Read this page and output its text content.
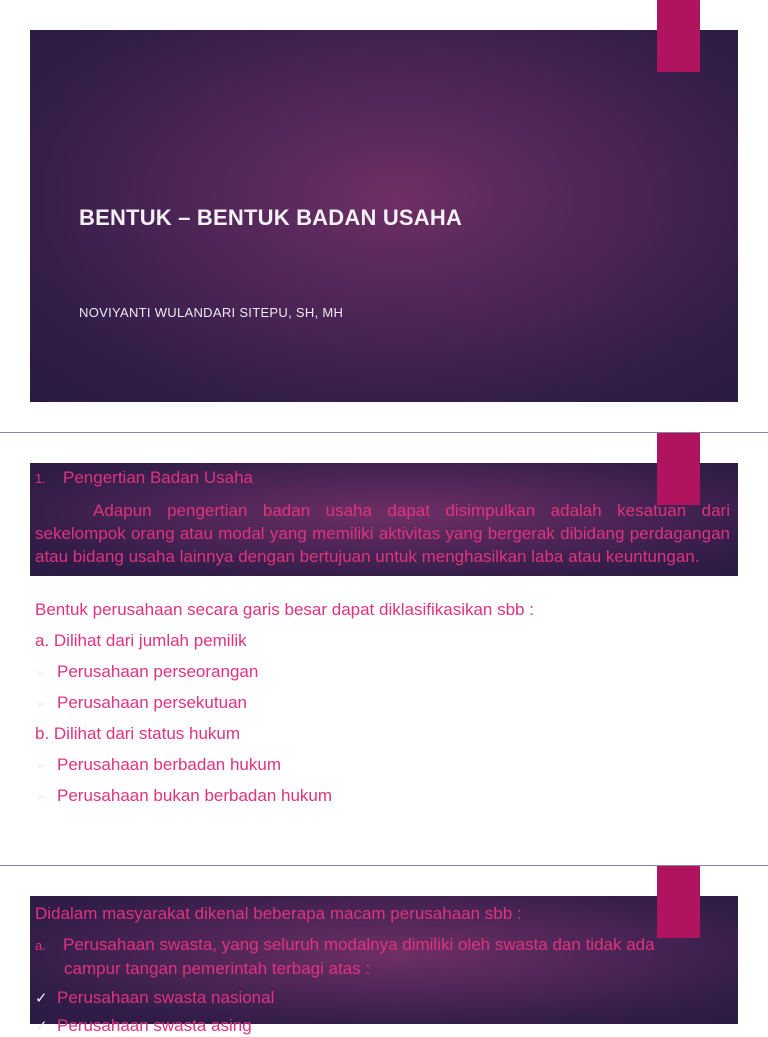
BENTUK – BENTUK BADAN USAHA
NOVIYANTI WULANDARI SITEPU, SH, MH
1. Pengertian Badan Usaha
Adapun pengertian badan usaha dapat disimpulkan adalah kesatuan dari sekelompok orang atau modal yang memiliki aktivitas yang bergerak dibidang perdagangan atau bidang usaha lainnya dengan bertujuan untuk menghasilkan laba atau keuntungan.
Bentuk perusahaan secara garis besar dapat diklasifikasikan sbb :
a. Dilihat dari jumlah pemilik
➢ Perusahaan perseorangan
➢ Perusahaan persekutuan
b. Dilihat dari status hukum
➢ Perusahaan berbadan hukum
➢ Perusahaan bukan berbadan hukum
Didalam masyarakat dikenal beberapa macam perusahaan sbb :
a. Perusahaan swasta, yang seluruh modalnya dimiliki oleh swasta dan tidak ada
campur tangan pemerintah terbagi atas :
✓ Perusahaan swasta nasional
✓ Perusahaan swasta asing
